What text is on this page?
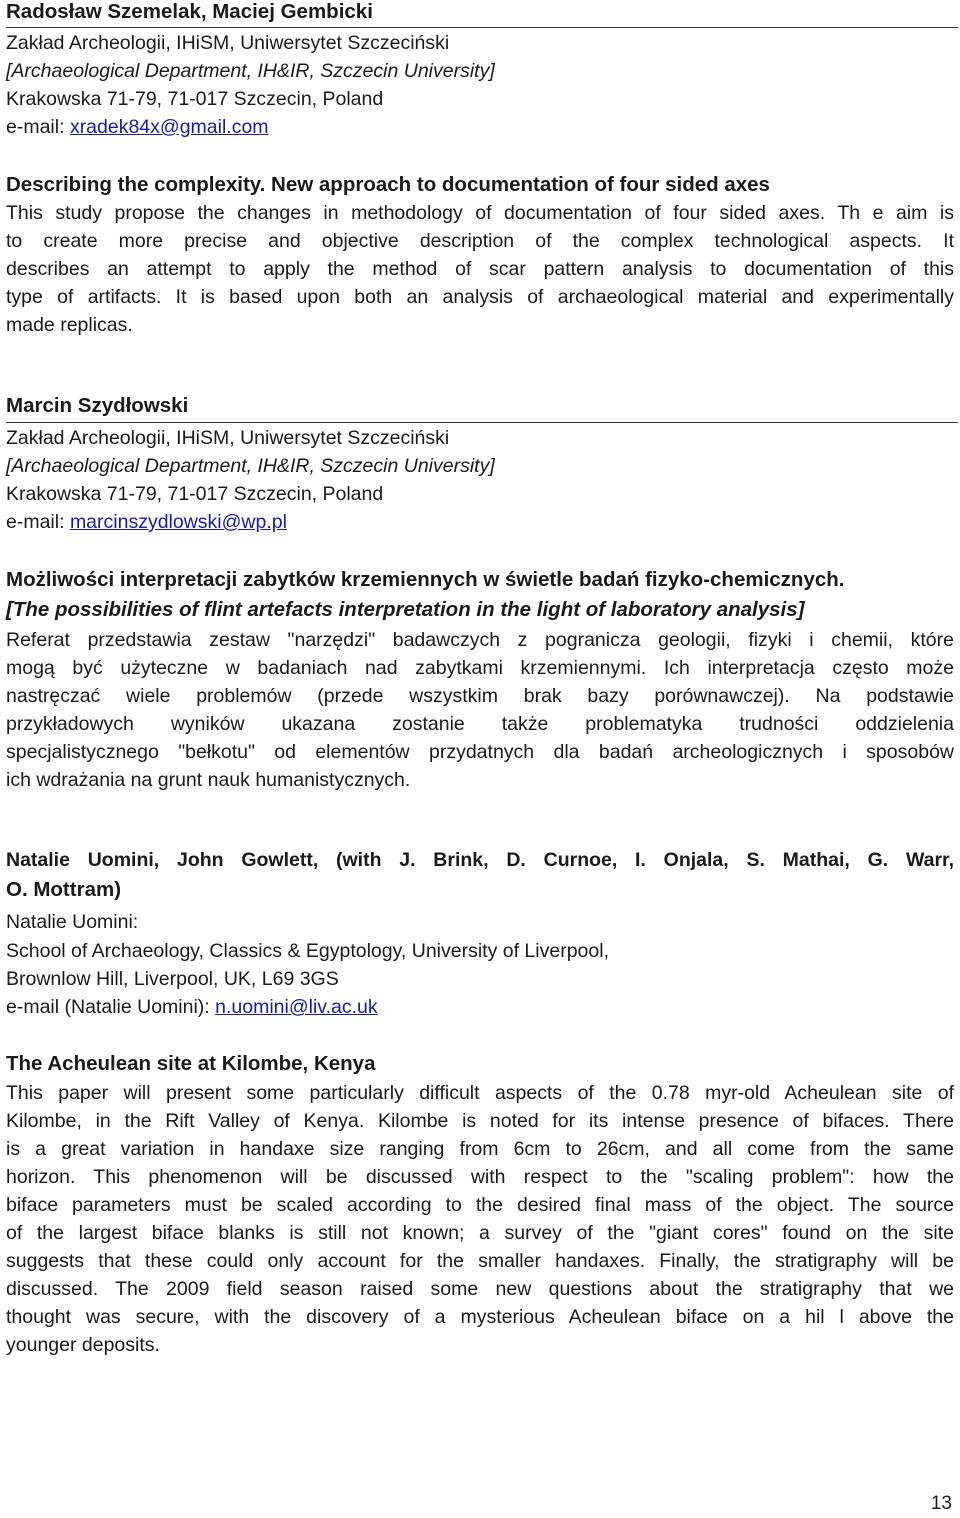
Radosław Szemelak, Maciej Gembicki
Zakład Archeologii, IHiSM, Uniwersytet Szczeciński
[Archaeological Department, IH&IR, Szczecin University]
Krakowska 71-79, 71-017 Szczecin, Poland
e-mail: xradek84x@gmail.com
Describing the complexity. New approach to documentation of four sided axes
This study propose the changes in methodology of documentation of four sided axes. Th e aim is
to create more precise and objective description of the complex technological aspects. It
describes an attempt to apply the method of scar pattern analysis to documentation of this
type of artifacts. It is based upon both an analysis of archaeological material and experimentally
made replicas.
Marcin Szydłowski
Zakład Archeologii, IHiSM, Uniwersytet Szczeciński
[Archaeological Department, IH&IR, Szczecin University]
Krakowska 71-79, 71-017 Szczecin, Poland
e-mail: marcinszydlowski@wp.pl
Możliwości interpretacji zabytków krzemiennych w świetle badań fizyko-chemicznych.
[The possibilities of flint artefacts interpretation in the light of laboratory analysis]
Referat przedstawia zestaw "narzędzi" badawczych z pogranicza geologii, fizyki i chemii, które
mogą być użyteczne w badaniach nad zabytkami krzemiennymi. Ich interpretacja często może
nastręczać wiele problemów (przede wszystkim brak bazy porównawczej). Na podstawie
przykładowych wyników ukazana zostanie także problematyka trudności oddzielenia
specjalistycznego "bełkotu" od elementów przydatnych dla badań archeologicznych i sposobów
ich wdrażania na grunt nauk humanistycznych.
Natalie Uomini, John Gowlett, (with J. Brink, D. Curnoe, I. Onjala, S. Mathai, G. Warr,
O. Mottram)
Natalie Uomini:
School of Archaeology, Classics & Egyptology, University of Liverpool,
Brownlow Hill, Liverpool, UK, L69 3GS
e-mail (Natalie Uomini): n.uomini@liv.ac.uk
The Acheulean site at Kilombe, Kenya
This paper will present some particularly difficult aspects of the 0.78 myr-old Acheulean site of
Kilombe, in the Rift Valley of Kenya. Kilombe is noted for its intense presence of bifaces. There
is a great variation in handaxe size ranging from 6cm to 26cm, and all come from the same
horizon. This phenomenon will be discussed with respect to the "scaling problem": how the
biface parameters must be scaled according to the desired final mass of the object. The source
of the largest biface blanks is still not known; a survey of the "giant cores" found on the site
suggests that these could only account for the smaller handaxes. Finally, the stratigraphy will be
discussed. The 2009 field season raised some new questions about the stratigraphy that we
thought was secure, with the discovery of a mysterious Acheulean biface on a hil l above the
younger deposits.
13
